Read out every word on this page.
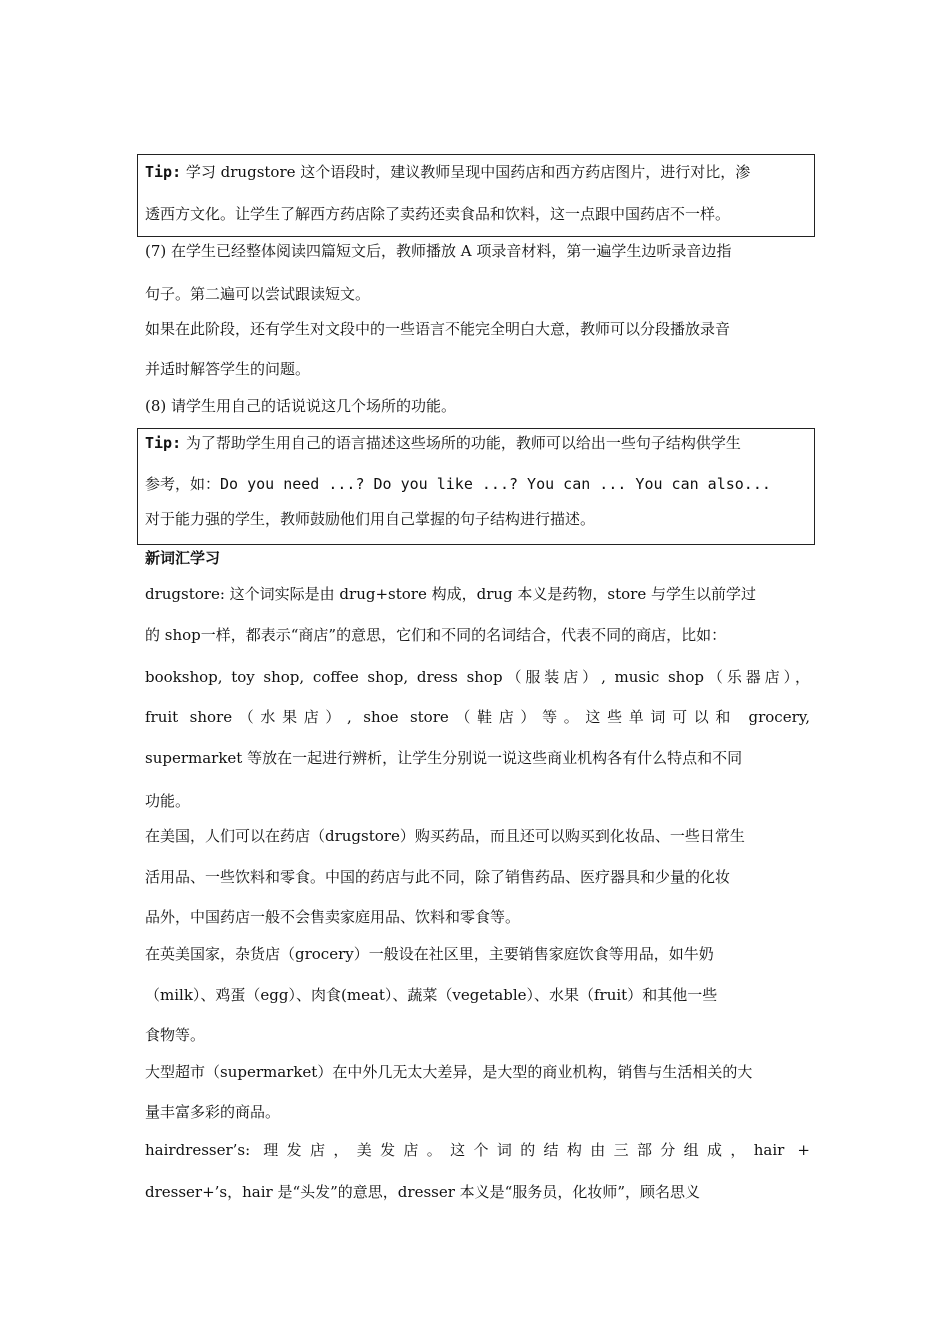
Tip: 学习 drugstore 这个语段时，建议教师呈现中国药店和西方药店图片，进行对比，渗
透西方文化。让学生了解西方药店除了卖药还卖食品和饮料，这一点跟中国药店不一样。
(7) 在学生已经整体阅读四篇短文后，教师播放 A 项录音材料，第一遍学生边听录音边指
句子。第二遍可以尝试跟读短文。
如果在此阶段，还有学生对文段中的一些语言不能完全明白大意，教师可以分段播放录音
并适时解答学生的问题。
(8) 请学生用自己的话说说这几个场所的功能。
Tip: 为了帮助学生用自己的语言描述这些场所的功能，教师可以给出一些句子结构供学生
参考，如：Do you need ...? Do you like ...? You can ... You can also...
对于能力强的学生，教师鼓励他们用自己掌握的句子结构进行描述。
新词汇学习
drugstore: 这个词实际是由 drug+store 构成，drug 本义是药物，store 与学生以前学过
的 shop一样，都表示“商店”的意思，它们和不同的名词结合，代表不同的商店，比如：
bookshop, toy shop, coffee shop, dress shop（服装店）, music shop（乐器店），
fruit shore（水果店）, shoe store（鞋店）等。这些单词可以和 grocery,
supermarket 等放在一起进行辨析，让学生分别说一说这些商业机构各有什么特点和不同
功能。
在美国，人们可以在药店（drugstore）购买药品，而且还可以购买到化妆品、一些日常生
活用品、一些饮料和零食。中国的药店与此不同，除了销售药品、医疗器具和少量的化妆
品外，中国药店一般不会售卖家庭用品、饮料和零食等。
在英美国家，杂货店（grocery）一般设在社区里，主要销售家庭饮食等用品，如牛奶
（milk）、鸡蛋（egg）、肉食(meat）、蔬菜（vegetable）、水果（fruit）和其他一些
食物等。
大型超市（supermarket）在中外几无太大差异，是大型的商业机构，销售与生活相关的大
量丰富多彩的商品。
hairdresser’s: 理发店，美发店。这个词的结构由三部分组成，hair +
dresser+’s，hair 是“头发”的意思，dresser 本义是“服务员，化妆师”，顾名思义
